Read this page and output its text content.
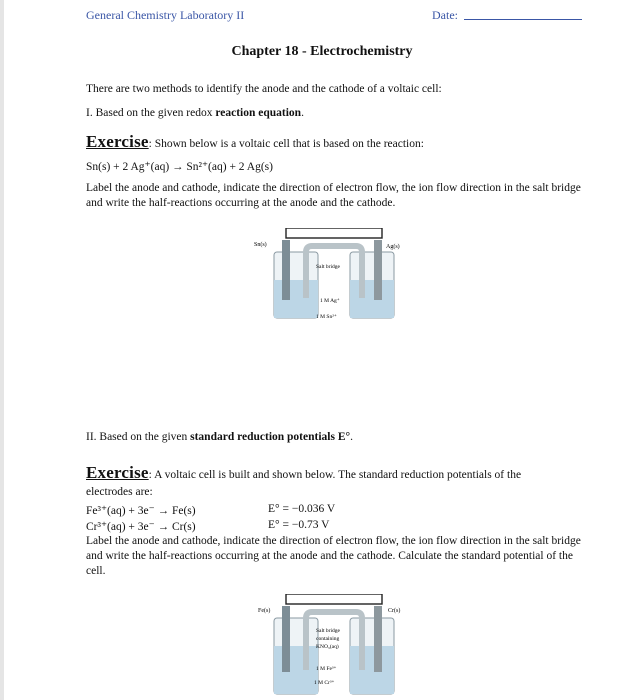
General Chemistry Laboratory II	Date:
Chapter 18 - Electrochemistry
There are two methods to identify the anode and the cathode of a voltaic cell:
I. Based on the given redox reaction equation.
Exercise: Shown below is a voltaic cell that is based on the reaction:
Sn(s) + 2 Ag⁺(aq) → Sn²⁺(aq) + 2 Ag(s)
Label the anode and cathode, indicate the direction of electron flow, the ion flow direction in the salt bridge and write the half-reactions occurring at the anode and the cathode.
Sn(s)	Ag(s)
Salt bridge
1 M Ag⁺
1 M Sn²⁺
II. Based on the given standard reduction potentials E°.
Exercise: A voltaic cell is built and shown below. The standard reduction potentials of the
electrodes are:
Fe³⁺(aq) + 3e⁻ → Fe(s)	E° = −0.036 V
Cr³⁺(aq) + 3e⁻ → Cr(s)	E° = −0.73 V
Label the anode and cathode, indicate the direction of electron flow, the ion flow direction in the salt bridge and write the half-reactions occurring at the anode and the cathode. Calculate the standard potential of the cell.
Fe(s)	Cr(s)
Salt bridge
containing
KNO₃(aq)
1 M Fe³⁺
1 M Cr³⁺
